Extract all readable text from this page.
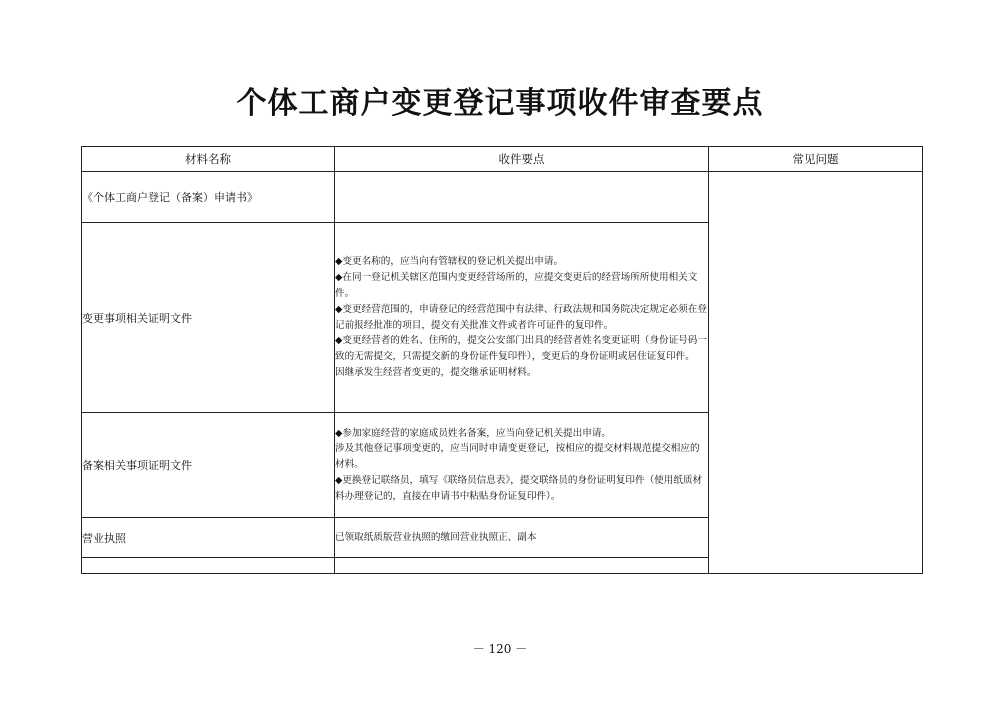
个体工商户变更登记事项收件审查要点
材料名称	收件要点	常见问题
《个体工商户登记（备案）申请书》		
变更事项相关证明文件	◆变更名称的，应当向有管辖权的登记机关提出申请。
◆在同一登记机关辖区范围内变更经营场所的，应提交变更后的经营场所所使用相关文件。
◆变更经营范围的，申请登记的经营范围中有法律、行政法规和国务院决定规定必须在登记前报经批准的项目，提交有关批准文件或者许可证件的复印件。
◆变更经营者的姓名、住所的，提交公安部门出具的经营者姓名变更证明（身份证号码一致的无需提交，只需提交新的身份证件复印件），变更后的身份证明或居住证复印件。
因继承发生经营者变更的，提交继承证明材料。	

备案相关事项证明文件	◆参加家庭经营的家庭成员姓名备案，应当向登记机关提出申请。
涉及其他登记事项变更的，应当同时申请变更登记，按相应的提交材料规范提交相应的材料。
◆更换登记联络员，填写《联络员信息表》，提交联络员的身份证明复印件（使用纸质材料办理登记的，直接在申请书中粘贴身份证复印件）。	

营业执照	已领取纸质版营业执照的缴回营业执照正、副本	

－ 120 －
